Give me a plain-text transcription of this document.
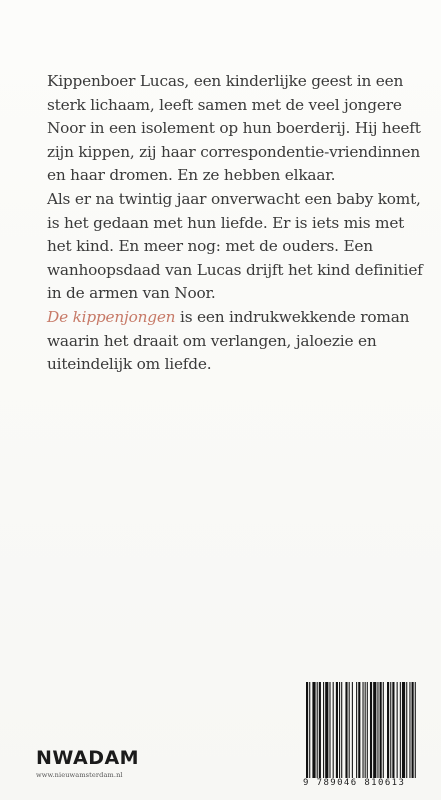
Kippenboer Lucas, een kinderlijke geest in een sterk lichaam, leeft samen met de veel jongere Noor in een isolement op hun boerderij. Hij heeft zijn kippen, zij haar correspondentie-vriendinnen en haar dromen. En ze hebben elkaar.

Als er na twintig jaar onverwacht een baby komt, is het gedaan met hun liefde. Er is iets mis met het kind. En meer nog: met de ouders. Een wanhoopsdaad van Lucas drijft het kind definitief in de armen van Noor.

De kippenjongen is een indrukwekkende roman waarin het draait om verlangen, jaloezie en uiteindelijk om liefde.

NWADAM
www.nieuwamsterdam.nl
9 789046 810613
